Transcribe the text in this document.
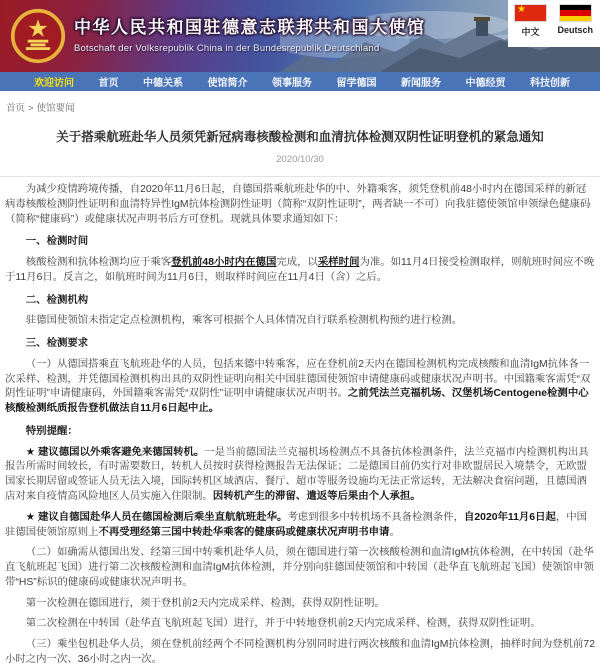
中华人民共和国驻德意志联邦共和国大使馆
Botschaft der Volksrepublik China in der Bundesrepublik Deutschland
★
中文 Deutsch
欢迎访问 首页 中德关系 使馆简介 领事服务 留学德国 新闻服务 中德经贸 科技创新
首页 > 使馆要闻
关于搭乘航班赴华人员须凭新冠病毒核酸检测和血清抗体检测双阴性证明登机的紧急通知
2020/10/30

为减少疫情跨境传播，自2020年11月6日起，自德国搭乘航班赴华的中、外籍乘客，须凭登机前48小时内在德国采样的新冠病毒核酸检测阴性证明和血清特异性IgM抗体检测阴性证明（简称“双阴性证明”，两者缺一不可）向我驻德使领馆申领绿色健康码（简称“健康码”）或健康状况声明书后方可登机。现就具体要求通知如下：

一、检测时间

核酸检测和抗体检测均应于乘客登机前48小时内在德国完成，以采样时间为准。如11月4日接受检测取样，则航班时间应不晚于11月6日。反言之，如航班时间为11月6日，则取样时间应在11月4日（含）之后。

二、检测机构

驻德国使领馆未指定定点检测机构，乘客可根据个人具体情况自行联系检测机构预约进行检测。

三、检测要求

（一）从德国搭乘直飞航班赴华的人员，包括来德中转乘客，应在登机前2天内在德国检测机构完成核酸和血清IgM抗体各一次采样、检测，并凭德国检测机构出具的双阴性证明向相关中国驻德国使领馆申请健康码或健康状况声明书。中国籍乘客需凭“双阴性证明”申请健康码，外国籍乘客需凭“双阴性”证明申请健康状况声明书。之前凭法兰克福机场、汉堡机场Centogene检测中心核酸检测纸质报告登机做法自11月6日起中止。

特别提醒：

★ 建议德国以外乘客避免来德国转机。一是当前德国法兰克福机场检测点不具备抗体检测条件，法兰克福市内检测机构出具报告所需时间较长，有时需要数日，转机人员按时获得检测报告无法保证；二是德国目前仍实行对非欧盟居民入境禁令，无欧盟国家长期居留或签证人员无法入境，国际转机区域酒店、餐厅、超市等服务设施均无法正常运转，无法解决食宿问题，且德国酒店对来自疫情高风险地区人员实施入住限制。因转机产生的滞留、遣返等后果由个人承担。

★ 建议自德国赴华人员在德国检测后乘坐直航航班赴华。考虑到很多中转机场不具备检测条件，自2020年11月6日起，中国驻德国使领馆原则上不再受理经第三国中转赴华乘客的健康码或健康状况声明书申请。

（二）如确需从德国出发、经第三国中转乘机赴华人员，须在德国进行第一次核酸检测和血清IgM抗体检测，在中转国（赴华直飞航班起飞国）进行第二次核酸检测和血清IgM抗体检测，并分别向驻德国使领馆和中转国（赴华直飞航班起飞国）使领馆申领带“HS”标识的健康码或健康状况声明书。

第一次检测在德国进行，须于登机前2天内完成采样、检测，获得双阴性证明。

第二次检测在中转国（赴华直飞航班起飞国）进行，并于中转地登机前2天内完成采样、检测，获得双阴性证明。

（三）乘坐包机赴华人员，须在登机前经两个不同检测机构分别同时进行两次核酸和血清IgM抗体检测，抽样时间为登机前72小时之内一次、36小时之内一次。
